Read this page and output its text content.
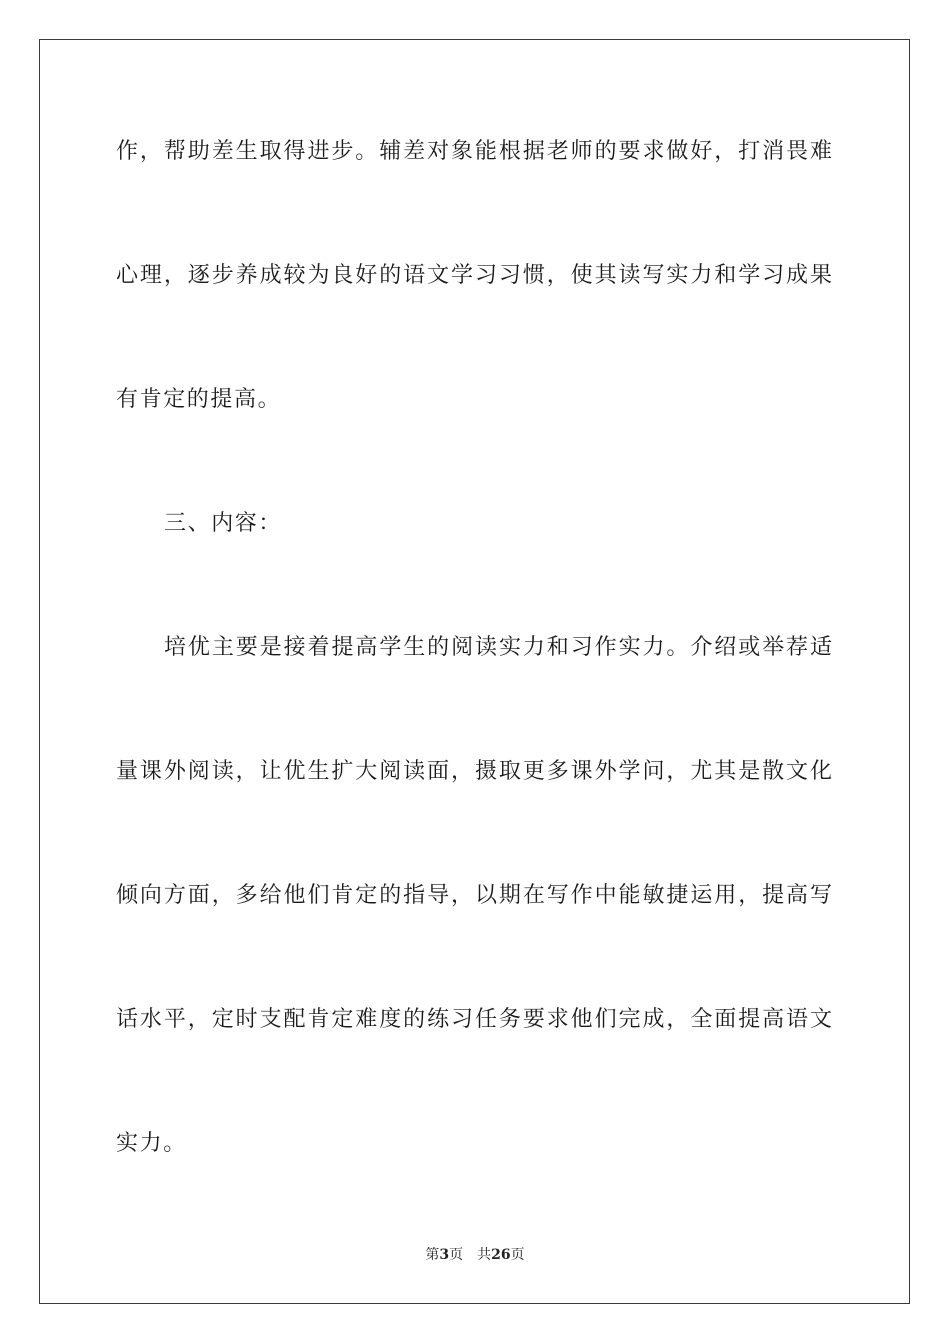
作，帮助差生取得进步。辅差对象能根据老师的要求做好，打消畏难
心理，逐步养成较为良好的语文学习习惯，使其读写实力和学习成果
有肯定的提高。
三、内容：
培优主要是接着提高学生的阅读实力和习作实力。介绍或举荐适
量课外阅读，让优生扩大阅读面，摄取更多课外学问，尤其是散文化
倾向方面，多给他们肯定的指导，以期在写作中能敏捷运用，提高写
话水平，定时支配肯定难度的练习任务要求他们完成，全面提高语文
实力。
第3页 共26页
